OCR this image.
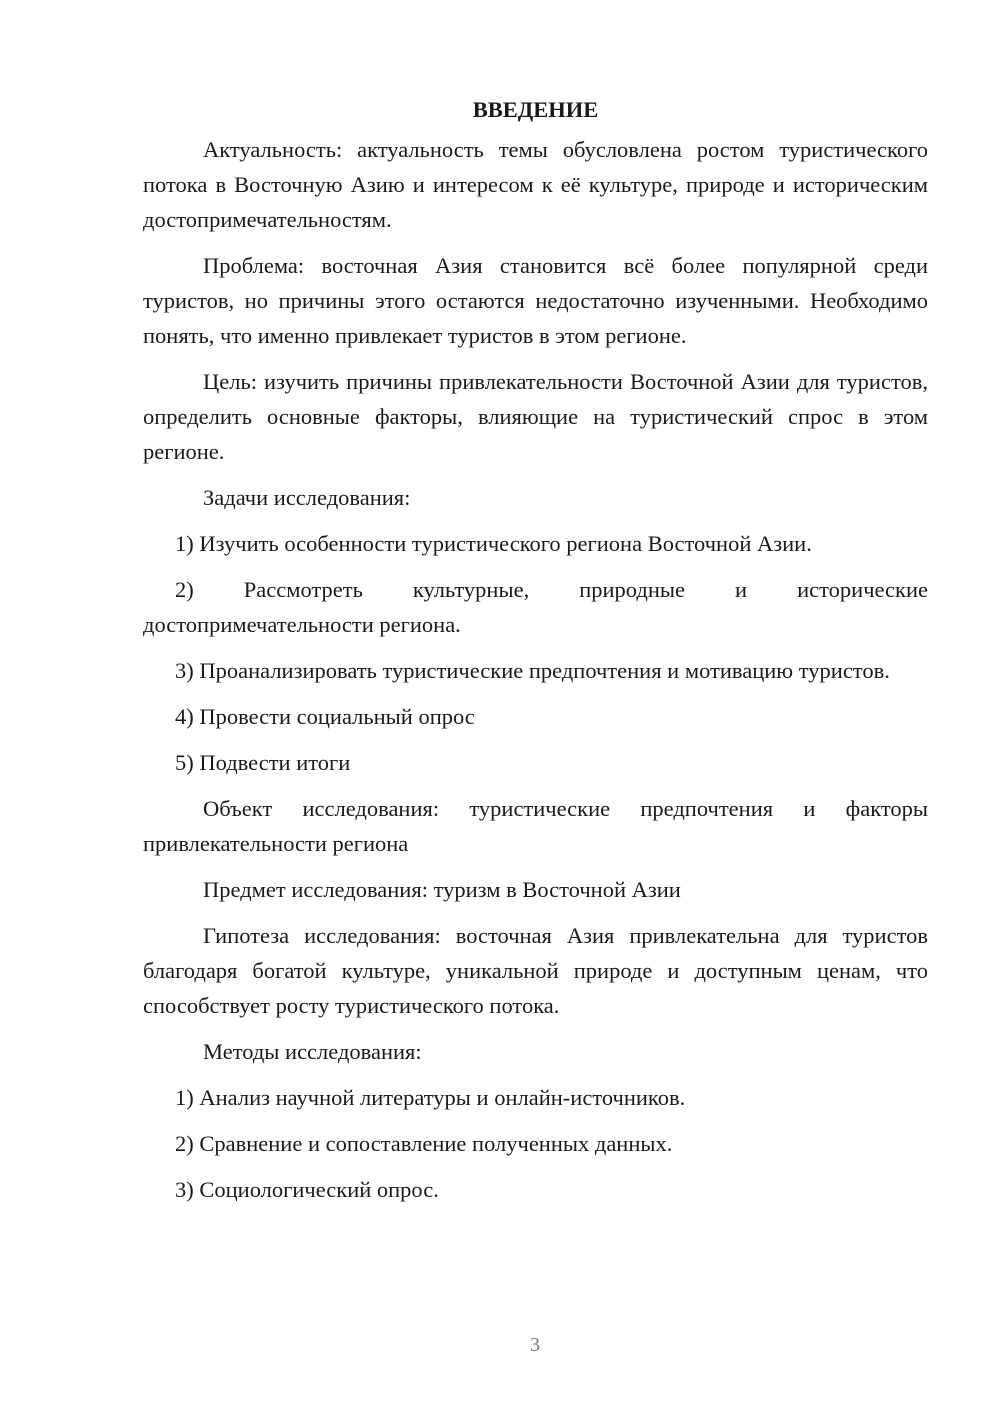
ВВЕДЕНИЕ

Актуальность: актуальность темы обусловлена ростом туристического потока в Восточную Азию и интересом к её культуре, природе и историческим достопримечательностям.

Проблема: восточная Азия становится всё более популярной среди туристов, но причины этого остаются недостаточно изученными. Необходимо понять, что именно привлекает туристов в этом регионе.

Цель: изучить причины привлекательности Восточной Азии для туристов, определить основные факторы, влияющие на туристический спрос в этом регионе.

Задачи исследования:

1) Изучить особенности туристического региона Восточной Азии.

2) Рассмотреть культурные, природные и исторические достопримечательности региона.

3) Проанализировать туристические предпочтения и мотивацию туристов.

4) Провести социальный опрос

5) Подвести итоги

Объект исследования: туристические предпочтения и факторы привлекательности региона

Предмет исследования: туризм в Восточной Азии

Гипотеза исследования: восточная Азия привлекательна для туристов благодаря богатой культуре, уникальной природе и доступным ценам, что способствует росту туристического потока.

Методы исследования:

1) Анализ научной литературы и онлайн-источников.

2) Сравнение и сопоставление полученных данных.

3) Социологический опрос.

3
